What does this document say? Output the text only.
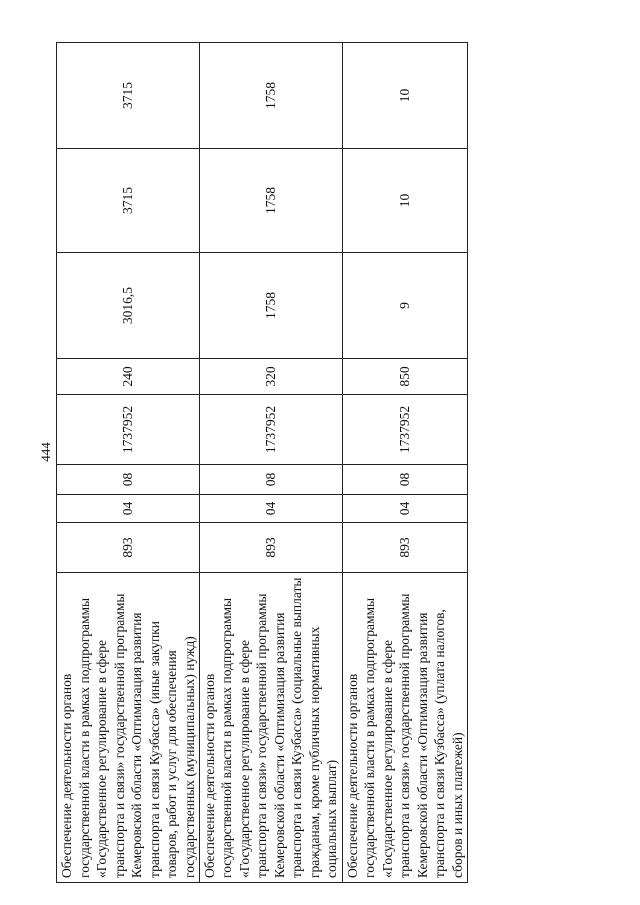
444
Обеспечение деятельности органов государственной власти в рамках подпрограммы «Государственное регулирование в сфере транспорта и связи» государственной программы Кемеровской области «Оптимизация развития транспорта и связи Кузбасса» (иные закупки товаров, работ и услуг для обеспечения государственных (муниципальных) нужд)	893	04	08	1737952	240	3016,5	3715	3715
Обеспечение деятельности органов государственной власти в рамках подпрограммы «Государственное регулирование в сфере транспорта и связи» государственной программы Кемеровской области «Оптимизация развития транспорта и связи Кузбасса» (социальные выплаты гражданам, кроме публичных нормативных социальных выплат)	893	04	08	1737952	320	1758	1758	1758
Обеспечение деятельности органов государственной власти в рамках подпрограммы «Государственное регулирование в сфере транспорта и связи» государственной программы Кемеровской области «Оптимизация развития транспорта и связи Кузбасса» (уплата налогов, сборов и иных платежей)	893	04	08	1737952	850	9	10	10
